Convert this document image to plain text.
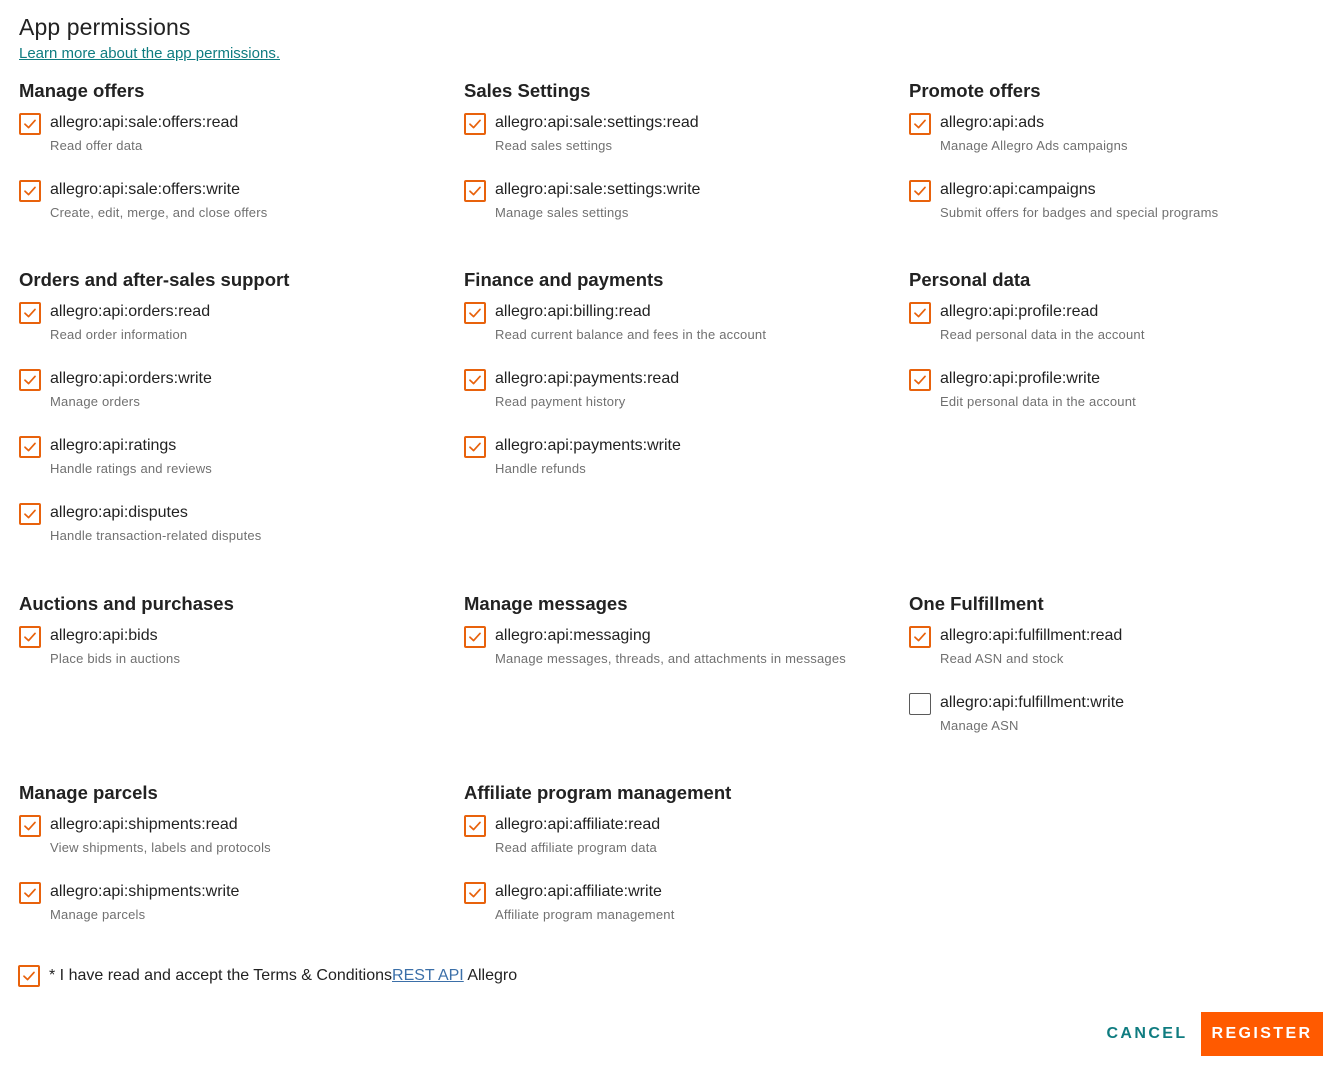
App permissions
Learn more about the app permissions.
Manage offers
allegro:api:sale:offers:read
Read offer data
allegro:api:sale:offers:write
Create, edit, merge, and close offers
Sales Settings
allegro:api:sale:settings:read
Read sales settings
allegro:api:sale:settings:write
Manage sales settings
Promote offers
allegro:api:ads
Manage Allegro Ads campaigns
allegro:api:campaigns
Submit offers for badges and special programs
Orders and after-sales support
allegro:api:orders:read
Read order information
allegro:api:orders:write
Manage orders
allegro:api:ratings
Handle ratings and reviews
allegro:api:disputes
Handle transaction-related disputes
Finance and payments
allegro:api:billing:read
Read current balance and fees in the account
allegro:api:payments:read
Read payment history
allegro:api:payments:write
Handle refunds
Personal data
allegro:api:profile:read
Read personal data in the account
allegro:api:profile:write
Edit personal data in the account
Auctions and purchases
allegro:api:bids
Place bids in auctions
Manage messages
allegro:api:messaging
Manage messages, threads, and attachments in messages
One Fulfillment
allegro:api:fulfillment:read
Read ASN and stock
allegro:api:fulfillment:write
Manage ASN
Manage parcels
allegro:api:shipments:read
View shipments, labels and protocols
allegro:api:shipments:write
Manage parcels
Affiliate program management
allegro:api:affiliate:read
Read affiliate program data
allegro:api:affiliate:write
Affiliate program management
* I have read and accept the Terms & ConditionsREST API Allegro
CANCEL	REGISTER
